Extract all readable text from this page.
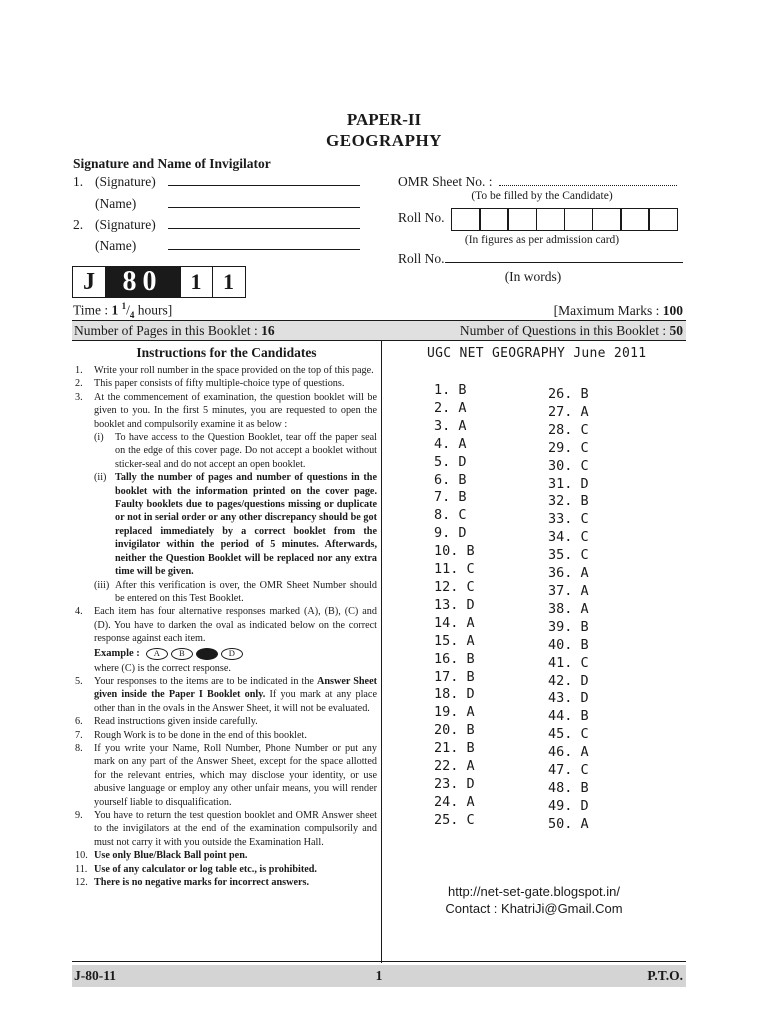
PAPER-II
GEOGRAPHY
Signature and Name of Invigilator
1. (Signature)
(Name)
2. (Signature)
(Name)
OMR Sheet No. :
(To be filled by the Candidate)
Roll No.
(In figures as per admission card)
Roll No.
(In words)
J 80	1 1
Time : 1 $^1/_4$ hours]	[Maximum Marks : 100
Number of Pages in this Booklet : 16	Number of Questions in this Booklet : 50
Instructions for the Candidates
1. Write your roll number in the space provided on the top of this page.
2. This paper consists of fifty multiple-choice type of questions.
3. At the commencement of examination, the question booklet will be given to you. In the first 5 minutes, you are requested to open the booklet and compulsorily examine it as below :
(i) To have access to the Question Booklet, tear off the paper seal on the edge of this cover page. Do not accept a booklet without sticker-seal and do not accept an open booklet.
(ii) Tally the number of pages and number of questions in the booklet with the information printed on the cover page. Faulty booklets due to pages/questions missing or duplicate or not in serial order or any other discrepancy should be got replaced immediately by a correct booklet from the invigilator within the period of 5 minutes. Afterwards, neither the Question Booklet will be replaced nor any extra time will be given.
(iii) After this verification is over, the OMR Sheet Number should be entered on this Test Booklet.
4. Each item has four alternative responses marked (A), (B), (C) and (D). You have to darken the oval as indicated below on the correct response against each item.
Example :	A	B	C	D
where (C) is the correct response.
5. Your responses to the items are to be indicated in the Answer Sheet given inside the Paper I Booklet only. If you mark at any place other than in the ovals in the Answer Sheet, it will not be evaluated.
6. Read instructions given inside carefully.
7. Rough Work is to be done in the end of this booklet.
8. If you write your Name, Roll Number, Phone Number or put any mark on any part of the Answer Sheet, except for the space allotted for the relevant entries, which may disclose your identity, or use abusive language or employ any other unfair means, you will render yourself liable to disqualification.
9. You have to return the test question booklet and OMR Answer sheet to the invigilators at the end of the examination compulsorily and must not carry it with you outside the Examination Hall.
10. Use only Blue/Black Ball point pen.
11. Use of any calculator or log table etc., is prohibited.
12. There is no negative marks for incorrect answers.
UGC NET GEOGRAPHY June 2011
1. B
2. A
3. A
4. A
5. D
6. B
7. B
8. C
9. D
10. B
11. C
12. C
13. D
14. A
15. A
16. B
17. B
18. D
19. A
20. B
21. B
22. A
23. D
24. A
25. C
26. B
27. A
28. C
29. C
30. C
31. D
32. B
33. C
34. C
35. C
36. A
37. A
38. A
39. B
40. B
41. C
42. D
43. D
44. B
45. C
46. A
47. C
48. B
49. D
50. A
http://net-set-gate.blogspot.in/
Contact : KhatriJi@Gmail.Com
J-80-11	1	P.T.O.
